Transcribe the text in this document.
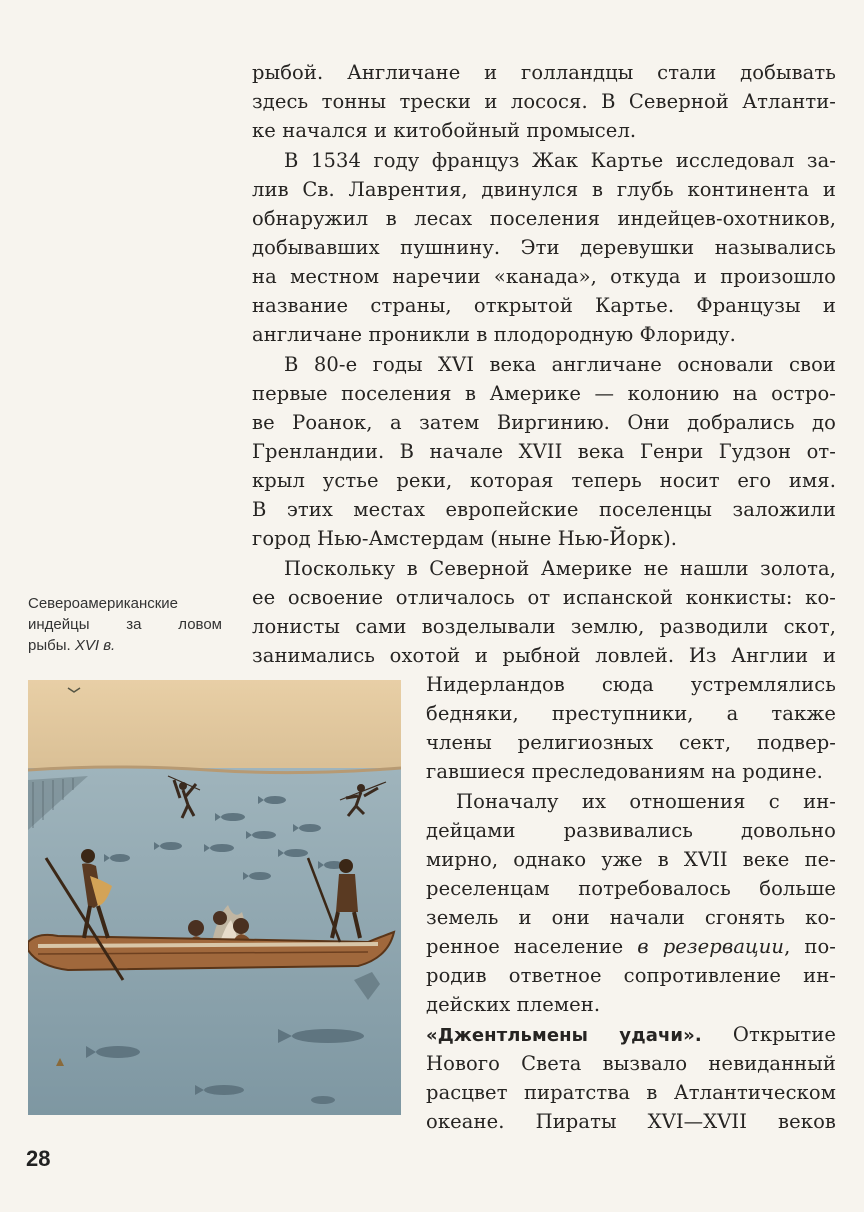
рыбой. Англичане и голландцы стали добывать
здесь тонны трески и лосося. В Северной Атланти-
ке начался и китобойный промысел.
В 1534 году француз Жак Картье исследовал за-
лив Св. Лаврентия, двинулся в глубь континента и
обнаружил в лесах поселения индейцев-охотников,
добывавших пушнину. Эти деревушки назывались
на местном наречии «канада», откуда и произошло
название страны, открытой Картье. Французы и
англичане проникли в плодородную Флориду.
В 80-е годы XVI века англичане основали свои
первые поселения в Америке — колонию на остро-
ве Роанок, а затем Виргинию. Они добрались до
Гренландии. В начале XVII века Генри Гудзон от-
крыл устье реки, которая теперь носит его имя.
В этих местах европейские поселенцы заложили
город Нью-Амстердам (ныне Нью-Йорк).
Поскольку в Северной Америке не нашли золота,
ее освоение отличалось от испанской конкисты: ко-
лонисты сами возделывали землю, разводили скот,
занимались охотой и рыбной ловлей. Из Англии и
Нидерландов сюда устремлялись
бедняки, преступники, а также
члены религиозных сект, подвер-
гавшиеся преследованиям на родине.
Поначалу их отношения с ин-
дейцами развивались довольно
мирно, однако уже в XVII веке пе-
реселенцам потребовалось больше
земель и они начали сгонять ко-
ренное население в резервации, по-
родив ответное сопротивление ин-
дейских племен.
«Джентльмены удачи». Открытие
Нового Света вызвало невиданный
расцвет пиратства в Атлантическом
океане. Пираты XVI—XVII веков
Североамериканские
индейцы за ловом
рыбы. XVI в.
28
